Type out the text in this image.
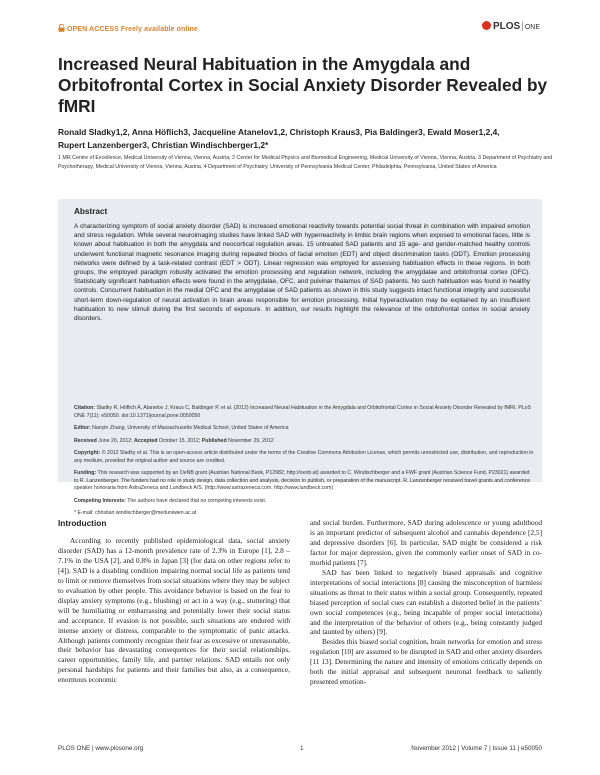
OPEN ACCESS Freely available online	PLOS|ONE
Increased Neural Habituation in the Amygdala and Orbitofrontal Cortex in Social Anxiety Disorder Revealed by fMRI
Ronald Sladky1,2, Anna Höflich3, Jacqueline Atanelov1,2, Christoph Kraus3, Pia Baldinger3, Ewald Moser1,2,4, Rupert Lanzenberger3, Christian Windischberger1,2*
1 MR Centre of Excellence, Medical University of Vienna, Vienna, Austria, 2 Center for Medical Physics and Biomedical Engineering, Medical University of Vienna, Vienna, Austria, 3 Department of Psychiatry and Psychotherapy, Medical University of Vienna, Vienna, Austria, 4 Department of Psychiatry, University of Pennsylvania Medical Center, Philadelphia, Pennsylvania, United States of America
Abstract
A characterizing symptom of social anxiety disorder (SAD) is increased emotional reactivity towards potential social threat in combination with impaired emotion and stress regulation. While several neuroimaging studies have linked SAD with hyperreactivity in limbic brain regions when exposed to emotional faces, little is known about habituation in both the amygdala and neocortical regulation areas. 15 untreated SAD patients and 15 age- and gender-matched healthy controls underwent functional magnetic resonance imaging during repeated blocks of facial emotion (EDT) and object discrimination tasks (ODT). Emotion processing networks were defined by a task-related contrast (EDT > ODT). Linear regression was employed for assessing habituation effects in these regions. In both groups, the employed paradigm robustly activated the emotion processing and regulation network, including the amygdalae and orbitofrontal cortex (OFC). Statistically significant habituation effects were found in the amygdalae, OFC, and pulvinar thalamus of SAD patients. No such habituation was found in healthy controls. Concurrent habituation in the medial OFC and the amygdalae of SAD patients as shown in this study suggests intact functional integrity and successful short-term down-regulation of neural activation in brain areas responsible for emotion processing. Initial hyperactivation may be explained by an insufficient habituation to new stimuli during the first seconds of exposure. In addition, our results highlight the relevance of the orbitofrontal cortex in social anxiety disorders.

Citation: Sladky R, Höflich A, Atanelov J, Kraus C, Baldinger P, et al. (2012) Increased Neural Habituation in the Amygdala and Orbitofrontal Cortex in Social Anxiety Disorder Revealed by fMRI. PLoS ONE 7(11): e50050. doi:10.1371/journal.pone.0050050

Editor: Nanyin Zhang, University of Massachusetts Medical School, United States of America

Received June 20, 2012; Accepted October 15, 2012; Published November 29, 2012

Copyright: © 2012 Sladky et al. This is an open-access article distributed under the terms of the Creative Commons Attribution License, which permits unrestricted use, distribution, and reproduction in any medium, provided the original author and source are credited.

Funding: This research was supported by an OeNB grant (Austrian National Bank, P12982; http://oenb.at) awarded to C. Windischberger and a FWF grant (Austrian Science Fund, P23021) awarded to R. Lanzenberger. The funders had no role in study design, data collection and analysis, decision to publish, or preparation of the manuscript. R. Lanzenberger received travel grants and conference speaker honoraria from AstraZeneca and Lundbeck A/S. (http://www.astrazeneca.com, http://www.lundbeck.com)

Competing Interests: The authors have declared that no competing interests exist.

* E-mail: christian.windischberger@meduniwien.ac.at

Introduction

According to recently published epidemiological data, social anxiety disorder (SAD) has a 12-month prevalence rate of 2.3% in Europe [1], 2.8 – 7.1% in the USA [2], and 0.8% in Japan [3] (for data on other regions refer to [4]). SAD is a disabling condition impairing normal social life as patients tend to limit or remove themselves from social situations where they may be subject to evaluation by other people. This avoidance behavior is based on the fear to display anxiety symptoms (e.g., blushing) or act in a way (e.g., stuttering) that will be humiliating or embarrassing and potentially lower their social status and acceptance. If evasion is not possible, such situations are endured with intense anxiety or distress, comparable to the symptomatic of panic attacks. Although patients commonly recognize their fear as excessive or unreasonable, their behavior has devastating consequences for their social relationships, career opportunities, family life, and partner relations. SAD entails not only personal hardships for patients and their families but also, as a consequence, enormous economic

and social burden. Furthermore, SAD during adolescence or young adulthood is an important predictor of subsequent alcohol and cannabis dependence [2,5] and depressive disorders [6]. In particular, SAD might be considered a risk factor for major depression, given the commonly earlier onset of SAD in co-morbid patients [7].

SAD has been linked to negatively biased appraisals and cognitive interpretations of social interactions [8] causing the misconception of harmless situations as threat to their status within a social group. Consequently, repeated biased perception of social cues can establish a distorted belief in the patients’ own social competences (e.g., being incapable of proper social interactions) and the interpretation of the behavior of others (e.g., being constantly judged and taunted by others) [9].

Besides this biased social cognition, brain networks for emotion and stress regulation [10] are assumed to be disrupted in SAD and other anxiety disorders [11 13]. Determining the nature and intensity of emotions critically depends on both the initial appraisal and subsequent neuronal feedback to saliently presented emotion-

PLOS ONE | www.plosone.org	1	November 2012 | Volume 7 | Issue 11 | e50050
